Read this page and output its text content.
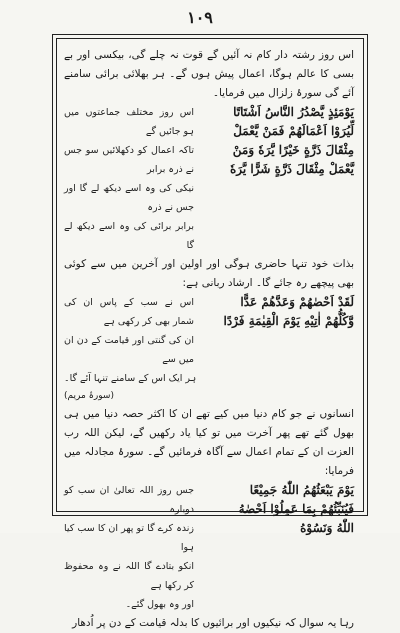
۱۰۹

اس روز رشتہ دار کام نہ آئیں گے قوت نہ چلے گی، بیکسی اور بے بسی کا عالم ہوگا، اعمال پیش ہوں گے۔ ہر بھلائی برائی سامنے آئے گی سورۂ زلزال میں فرمایا۔

یَوْمَئِذٍ یَّصْدُرُ النَّاسُ اَشْتَاتًا
لِّیُرَوْا اَعْمَالَهُمْ فَمَنْ یَّعْمَلْ
مِثْقَالَ ذَرَّةٍ خَیْرًا یَّرَهٗ وَمَنْ
یَّعْمَلْ مِثْقَالَ ذَرَّةٍ شَرًّا یَّرَهٗ
اس روز مختلف جماعتوں میں ہو جائیں گے
تاکہ اعمال کو دکھلائیں سو جس نے ذرہ برابر
نیکی کی وہ اسے دیکھ لے گا اور جس نے ذرہ
برابر برائی کی وہ اسے دیکھ لے گا

بذات خود تنہا حاضری ہوگی اور اولین اور آخرین میں سے کوئی بھی پیچھے رہ جائے گا۔ ارشاد ربانی ہے:

لَقَدْ اَحْصٰهُمْ وَعَدَّهُمْ عَدًّا
وَّكُلُّهُمْ اٰتِیْهِ یَوْمَ الْقِیٰمَةِ فَرْدًا
اس نے سب کے پاس ان کی شمار بھی کر رکھی ہے
ان کی گنتی اور قیامت کے دن ان میں سے
ہر ایک اس کے سامنے تنہا آئے گا۔
(سورۂ مریم)

انسانوں نے جو کام دنیا میں کیے تھے ان کا اکثر حصہ دنیا میں ہی بھول گئے تھے پھر آخرت میں تو کیا یاد رکھیں گے، لیکن اللہ رب العزت ان کے تمام اعمال سے آگاہ فرمائیں گے۔ سورۂ مجادلہ میں فرمایا:

یَوْمَ یَبْعَثُهُمُ اللّٰهُ جَمِیْعًا
فَیُنَبِّئُهُمْ بِمَا عَمِلُوْا اَحْصٰهُ
اللّٰهُ وَنَسُوْهُ
جس روز اللہ تعالیٰ ان سب کو دوبارہ
زندہ کرے گا تو پھر ان کا سب کیا ہوا
انکو بتادے گا اللہ نے وہ محفوظ کر رکھا ہے
اور وہ بھول گئے۔

رہا یہ سوال کہ نیکیوں اور برائیوں کا بدلہ قیامت کے دن پر اُدھار
